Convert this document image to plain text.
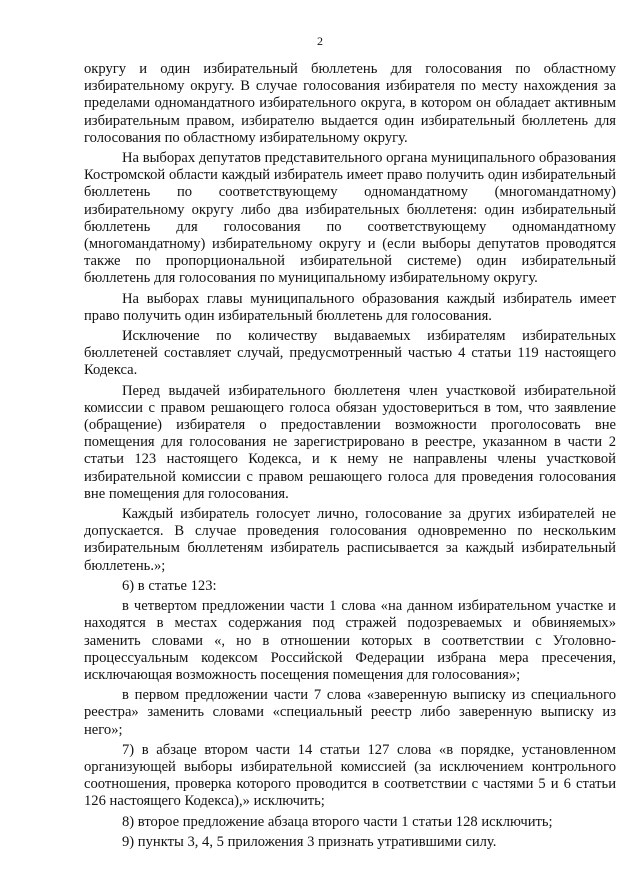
2

округу и один избирательный бюллетень для голосования по областному избирательному округу. В случае голосования избирателя по месту нахождения за пределами одномандатного избирательного округа, в котором он обладает активным избирательным правом, избирателю выдается один избирательный бюллетень для голосования по областному избирательному округу.

На выборах депутатов представительного органа муниципального образования Костромской области каждый избиратель имеет право получить один избирательный бюллетень по соответствующему одномандатному (многомандатному) избирательному округу либо два избирательных бюллетеня: один избирательный бюллетень для голосования по соответствующему одномандатному (многомандатному) избирательному округу и (если выборы депутатов проводятся также по пропорциональной избирательной системе) один избирательный бюллетень для голосования по муниципальному избирательному округу.

На выборах главы муниципального образования каждый избиратель имеет право получить один избирательный бюллетень для голосования.

Исключение по количеству выдаваемых избирателям избирательных бюллетеней составляет случай, предусмотренный частью 4 статьи 119 настоящего Кодекса.

Перед выдачей избирательного бюллетеня член участковой избирательной комиссии с правом решающего голоса обязан удостовериться в том, что заявление (обращение) избирателя о предоставлении возможности проголосовать вне помещения для голосования не зарегистрировано в реестре, указанном в части 2 статьи 123 настоящего Кодекса, и к нему не направлены члены участковой избирательной комиссии с правом решающего голоса для проведения голосования вне помещения для голосования.

Каждый избиратель голосует лично, голосование за других избирателей не допускается. В случае проведения голосования одновременно по нескольким избирательным бюллетеням избиратель расписывается за каждый избирательный бюллетень.»;

6) в статье 123:

в четвертом предложении части 1 слова «на данном избирательном участке и находятся в местах содержания под стражей подозреваемых и обвиняемых» заменить словами «, но в отношении которых в соответствии с Уголовно-процессуальным кодексом Российской Федерации избрана мера пресечения, исключающая возможность посещения помещения для голосования»;

в первом предложении части 7 слова «заверенную выписку из специального реестра» заменить словами «специальный реестр либо заверенную выписку из него»;

7) в абзаце втором части 14 статьи 127 слова «в порядке, установленном организующей выборы избирательной комиссией (за исключением контрольного соотношения, проверка которого проводится в соответствии с частями 5 и 6 статьи 126 настоящего Кодекса),» исключить;

8) второе предложение абзаца второго части 1 статьи 128 исключить;

9) пункты 3, 4, 5 приложения 3 признать утратившими силу.
